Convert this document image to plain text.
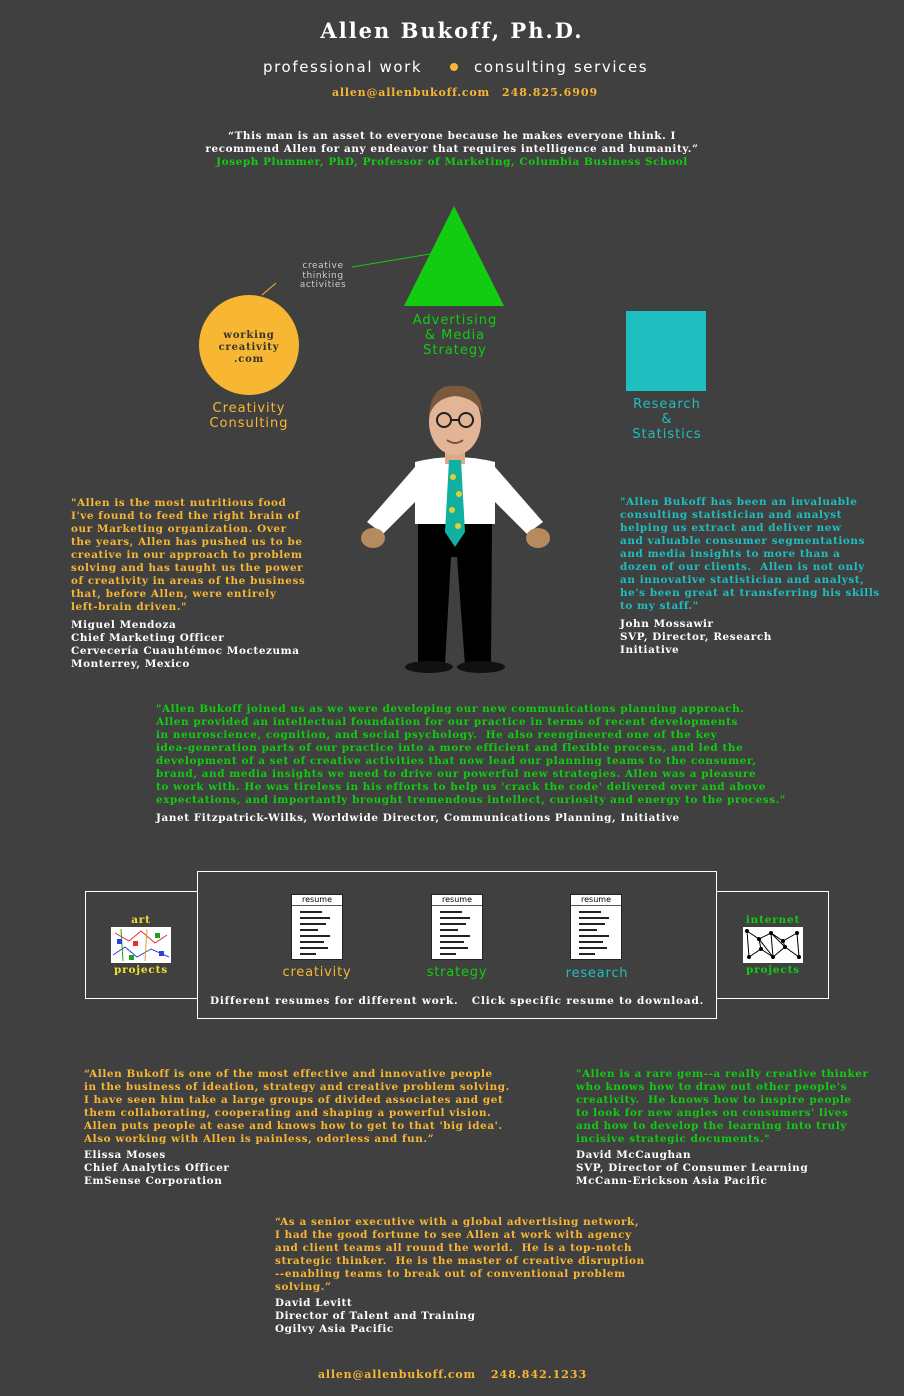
Allen Bukoff, Ph.D.
professional work	consulting services
allen@allenbukoff.com 248.825.6909
“This man is an asset to everyone because he makes everyone think. I
recommend Allen for any endeavor that requires intelligence and humanity.”
Joseph Plummer, PhD, Professor of Marketing, Columbia Business School
creative
thinking
activities
Advertising
& Media
Strategy
working
creativity
.com
Creativity
Consulting
Research
&
Statistics
"Allen is the most nutritious food
I've found to feed the right brain of
our Marketing organization. Over
the years, Allen has pushed us to be
creative in our approach to problem
solving and has taught us the power
of creativity in areas of the business
that, before Allen, were entirely
left-brain driven."
Miguel Mendoza
Chief Marketing Officer
Cervecería Cuauhtémoc Moctezuma
Monterrey, Mexico
"Allen Bukoff has been an invaluable
consulting statistician and analyst
helping us extract and deliver new
and valuable consumer segmentations
and media insights to more than a
dozen of our clients.  Allen is not only
an innovative statistician and analyst,
he's been great at transferring his skills
to my staff."
John Mossawir
SVP, Director, Research
Initiative
"Allen Bukoff joined us as we were developing our new communications planning approach.
Allen provided an intellectual foundation for our practice in terms of recent developments
in neuroscience, cognition, and social psychology.  He also reengineered one of the key
idea-generation parts of our practice into a more efficient and flexible process, and led the
development of a set of creative activities that now lead our planning teams to the consumer,
brand, and media insights we need to drive our powerful new strategies. Allen was a pleasure
to work with. He was tireless in his efforts to help us 'crack the code' delivered over and above
expectations, and importantly brought tremendous intellect, curiosity and energy to the process."
Janet Fitzpatrick-Wilks, Worldwide Director, Communications Planning, Initiative
art
projects
internet
projects
resume
creativity
resume
strategy
resume
research
Different resumes for different work.   Click specific resume to download.
“Allen Bukoff is one of the most effective and innovative people
in the business of ideation, strategy and creative problem solving.
I have seen him take a large groups of divided associates and get
them collaborating, cooperating and shaping a powerful vision.
Allen puts people at ease and knows how to get to that 'big idea'.
Also working with Allen is painless, odorless and fun.”
Elissa Moses
Chief Analytics Officer
EmSense Corporation
"Allen is a rare gem--a really creative thinker
who knows how to draw out other people's
creativity.  He knows how to inspire people
to look for new angles on consumers' lives
and how to develop the learning into truly
incisive strategic documents."
David McCaughan
SVP, Director of Consumer Learning
McCann-Erickson Asia Pacific
“As a senior executive with a global advertising network,
I had the good fortune to see Allen at work with agency
and client teams all round the world.  He is a top-notch
strategic thinker.  He is the master of creative disruption
--enabling teams to break out of conventional problem
solving.”
David Levitt
Director of Talent and Training
Ogilvy Asia Pacific
allen@allenbukoff.com 248.842.1233
